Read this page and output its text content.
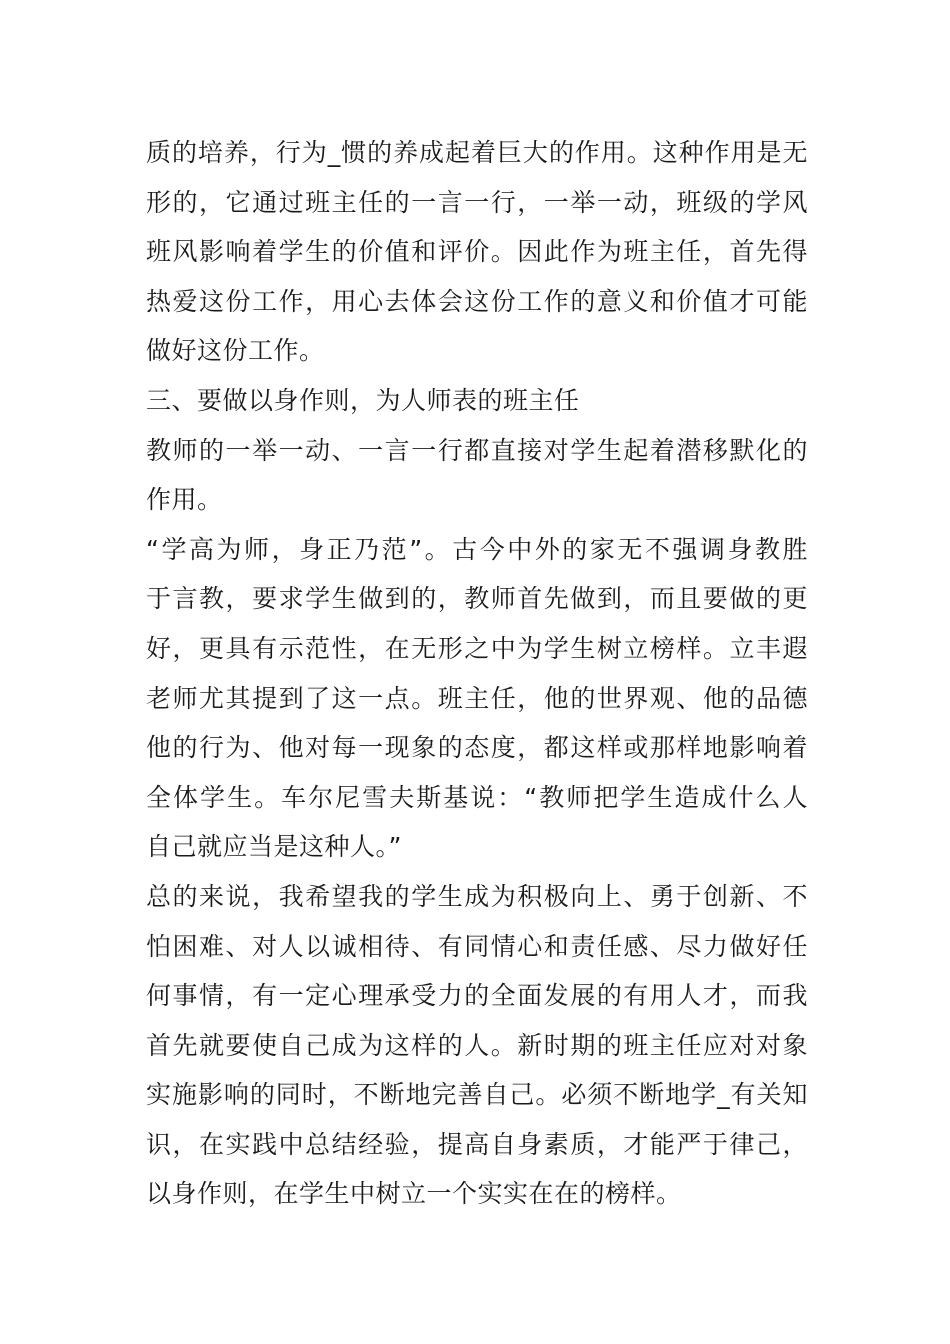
质的培养，行为_惯的养成起着巨大的作用。这种作用是无
形的，它通过班主任的一言一行，一举一动，班级的学风
班风影响着学生的价值和评价。因此作为班主任，首先得
热爱这份工作，用心去体会这份工作的意义和价值才可能
做好这份工作。
三、要做以身作则，为人师表的班主任
教师的一举一动、一言一行都直接对学生起着潜移默化的
作用。
“学高为师，身正乃范”。古今中外的家无不强调身教胜
于言教，要求学生做到的，教师首先做到，而且要做的更
好，更具有示范性，在无形之中为学生树立榜样。立丰遐
老师尤其提到了这一点。班主任，他的世界观、他的品德
他的行为、他对每一现象的态度，都这样或那样地影响着
全体学生。车尔尼雪夫斯基说：“教师把学生造成什么人
自己就应当是这种人。”
总的来说，我希望我的学生成为积极向上、勇于创新、不
怕困难、对人以诚相待、有同情心和责任感、尽力做好任
何事情，有一定心理承受力的全面发展的有用人才，而我
首先就要使自己成为这样的人。新时期的班主任应对对象
实施影响的同时，不断地完善自己。必须不断地学_有关知
识，在实践中总结经验，提高自身素质，才能严于律己，
以身作则，在学生中树立一个实实在在的榜样。
